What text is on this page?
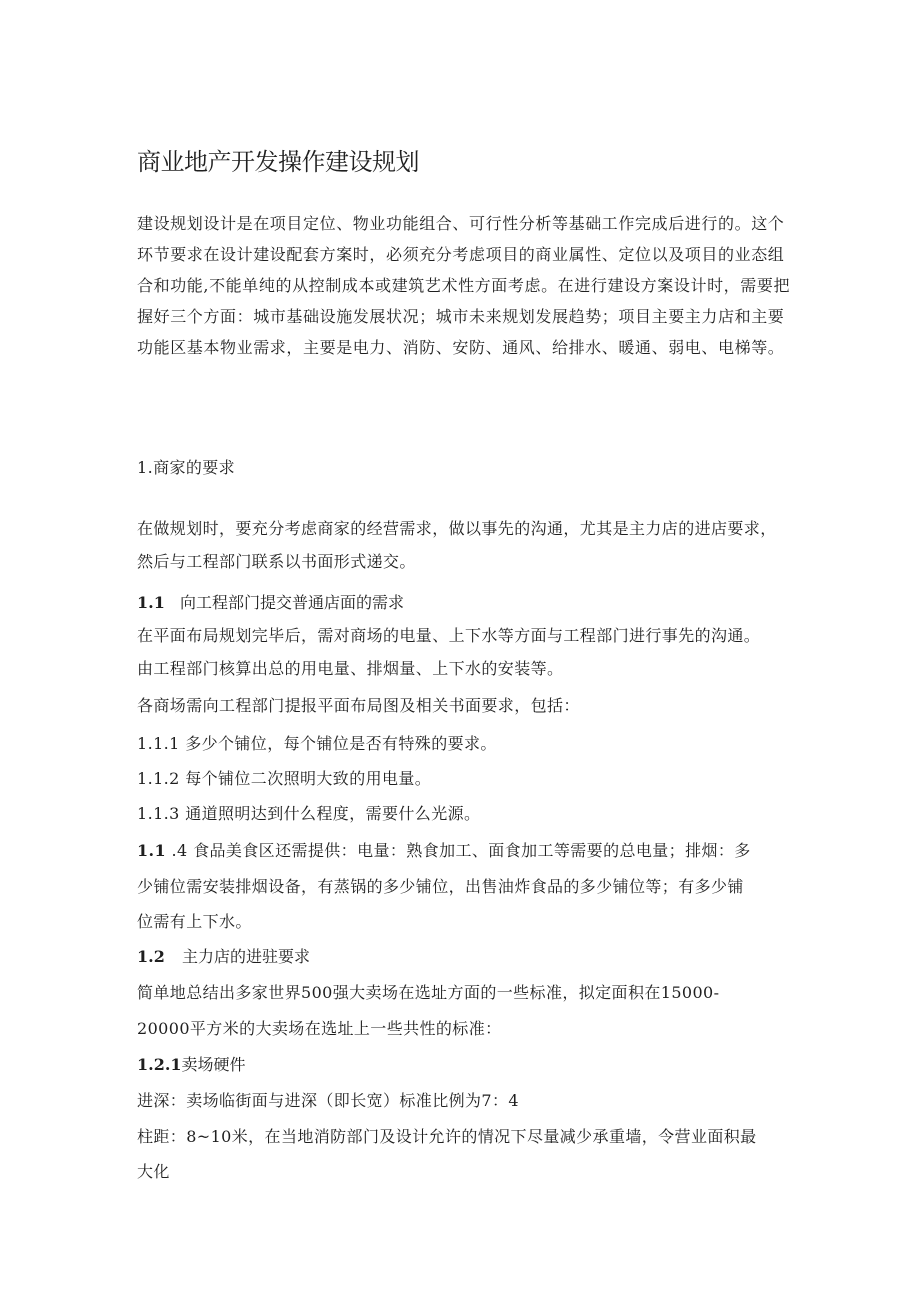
商业地产开发操作建设规划

建设规划设计是在项目定位、物业功能组合、可行性分析等基础工作完成后进行的。这个环节要求在设计建设配套方案时，必须充分考虑项目的商业属性、定位以及项目的业态组合和功能,不能单纯的从控制成本或建筑艺术性方面考虑。在进行建设方案设计时，需要把握好三个方面：城市基础设施发展状况；城市未来规划发展趋势；项目主要主力店和主要功能区基本物业需求，主要是电力、消防、安防、通风、给排水、暖通、弱电、电梯等。

1.商家的要求

在做规划时，要充分考虑商家的经营需求，做以事先的沟通，尤其是主力店的进店要求，

然后与工程部门联系以书面形式递交。

1.1 向工程部门提交普通店面的需求

在平面布局规划完毕后，需对商场的电量、上下水等方面与工程部门进行事先的沟通。

由工程部门核算出总的用电量、排烟量、上下水的安装等。

各商场需向工程部门提报平面布局图及相关书面要求，包括：

1.1.1 多少个铺位，每个铺位是否有特殊的要求。

1.1.2 每个铺位二次照明大致的用电量。

1.1.3 通道照明达到什么程度，需要什么光源。

1.1 .4 食品美食区还需提供：电量：熟食加工、面食加工等需要的总电量；排烟：多

少铺位需安装排烟设备，有蒸锅的多少铺位，出售油炸食品的多少铺位等；有多少铺

位需有上下水。

1.2 主力店的进驻要求

简单地总结出多家世界500强大卖场在选址方面的一些标准，拟定面积在15000-

20000平方米的大卖场在选址上一些共性的标准：

1.2.1卖场硬件

进深：卖场临街面与进深（即长宽）标准比例为7：4

柱距：8~10米，在当地消防部门及设计允许的情况下尽量减少承重墙，令营业面积最

大化
